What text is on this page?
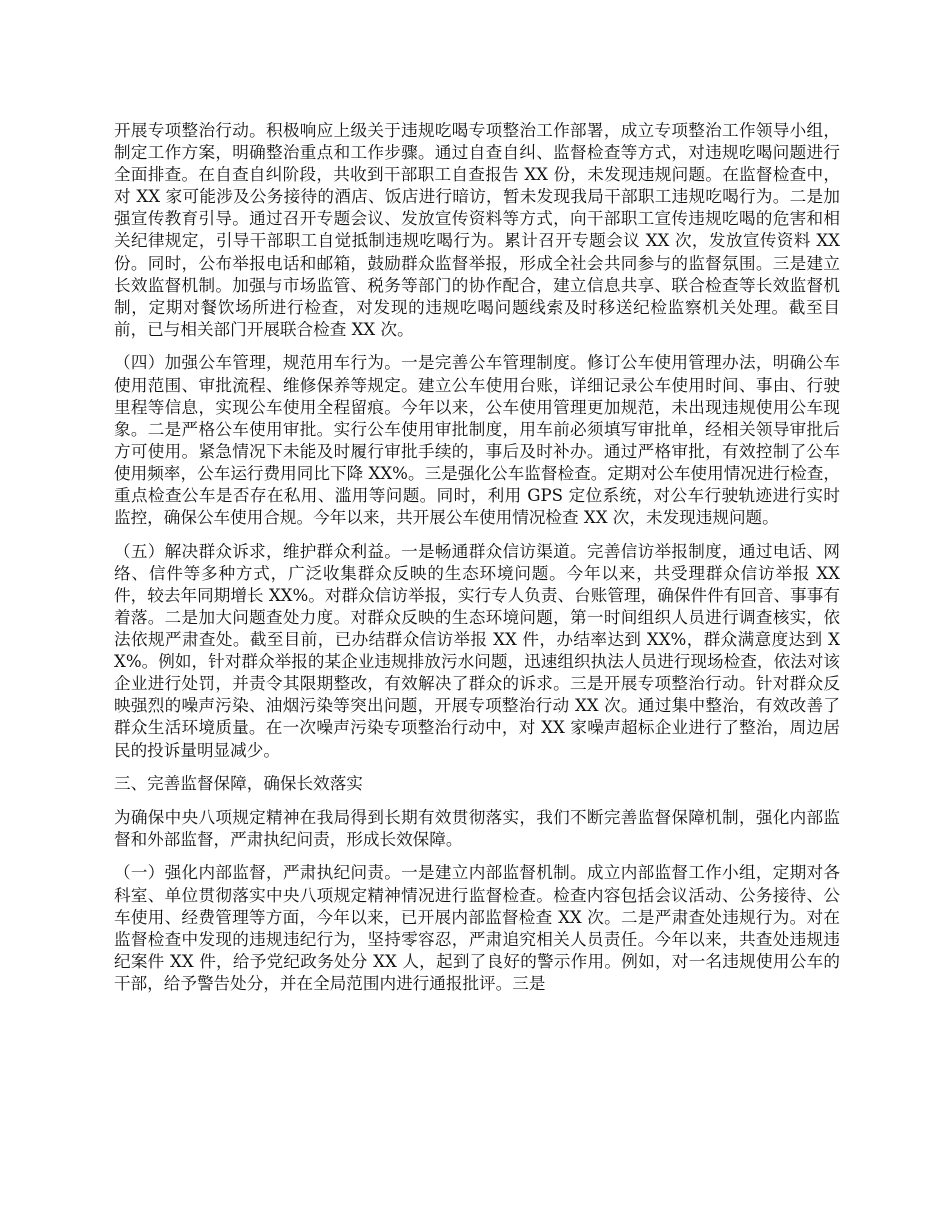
开展专项整治行动。积极响应上级关于违规吃喝专项整治工作部署，成立专项整治工作领导小组，制定工作方案，明确整治重点和工作步骤。通过自查自纠、监督检查等方式，对违规吃喝问题进行全面排查。在自查自纠阶段，共收到干部职工自查报告 XX 份，未发现违规问题。在监督检查中，对 XX 家可能涉及公务接待的酒店、饭店进行暗访，暂未发现我局干部职工违规吃喝行为。二是加强宣传教育引导。通过召开专题会议、发放宣传资料等方式，向干部职工宣传违规吃喝的危害和相关纪律规定，引导干部职工自觉抵制违规吃喝行为。累计召开专题会议 XX 次，发放宣传资料 XX 份。同时，公布举报电话和邮箱，鼓励群众监督举报，形成全社会共同参与的监督氛围。三是建立长效监督机制。加强与市场监管、税务等部门的协作配合，建立信息共享、联合检查等长效监督机制，定期对餐饮场所进行检查，对发现的违规吃喝问题线索及时移送纪检监察机关处理。截至目前，已与相关部门开展联合检查 XX 次。

（四）加强公车管理，规范用车行为。一是完善公车管理制度。修订公车使用管理办法，明确公车使用范围、审批流程、维修保养等规定。建立公车使用台账，详细记录公车使用时间、事由、行驶里程等信息，实现公车使用全程留痕。今年以来，公车使用管理更加规范，未出现违规使用公车现象。二是严格公车使用审批。实行公车使用审批制度，用车前必须填写审批单，经相关领导审批后方可使用。紧急情况下未能及时履行审批手续的，事后及时补办。通过严格审批，有效控制了公车使用频率，公车运行费用同比下降 XX%。三是强化公车监督检查。定期对公车使用情况进行检查，重点检查公车是否存在私用、滥用等问题。同时，利用 GPS 定位系统，对公车行驶轨迹进行实时监控，确保公车使用合规。今年以来，共开展公车使用情况检查 XX 次，未发现违规问题。

（五）解决群众诉求，维护群众利益。一是畅通群众信访渠道。完善信访举报制度，通过电话、网络、信件等多种方式，广泛收集群众反映的生态环境问题。今年以来，共受理群众信访举报 XX 件，较去年同期增长 XX%。对群众信访举报，实行专人负责、台账管理，确保件件有回音、事事有着落。二是加大问题查处力度。对群众反映的生态环境问题，第一时间组织人员进行调查核实，依法依规严肃查处。截至目前，已办结群众信访举报 XX 件，办结率达到 XX%，群众满意度达到 XX%。例如，针对群众举报的某企业违规排放污水问题，迅速组织执法人员进行现场检查，依法对该企业进行处罚，并责令其限期整改，有效解决了群众的诉求。三是开展专项整治行动。针对群众反映强烈的噪声污染、油烟污染等突出问题，开展专项整治行动 XX 次。通过集中整治，有效改善了群众生活环境质量。在一次噪声污染专项整治行动中，对 XX 家噪声超标企业进行了整治，周边居民的投诉量明显减少。

三、完善监督保障，确保长效落实

为确保中央八项规定精神在我局得到长期有效贯彻落实，我们不断完善监督保障机制，强化内部监督和外部监督，严肃执纪问责，形成长效保障。

（一）强化内部监督，严肃执纪问责。一是建立内部监督机制。成立内部监督工作小组，定期对各科室、单位贯彻落实中央八项规定精神情况进行监督检查。检查内容包括会议活动、公务接待、公车使用、经费管理等方面，今年以来，已开展内部监督检查 XX 次。二是严肃查处违规行为。对在监督检查中发现的违规违纪行为，坚持零容忍，严肃追究相关人员责任。今年以来，共查处违规违纪案件 XX 件，给予党纪政务处分 XX 人，起到了良好的警示作用。例如，对一名违规使用公车的干部，给予警告处分，并在全局范围内进行通报批评。三是
